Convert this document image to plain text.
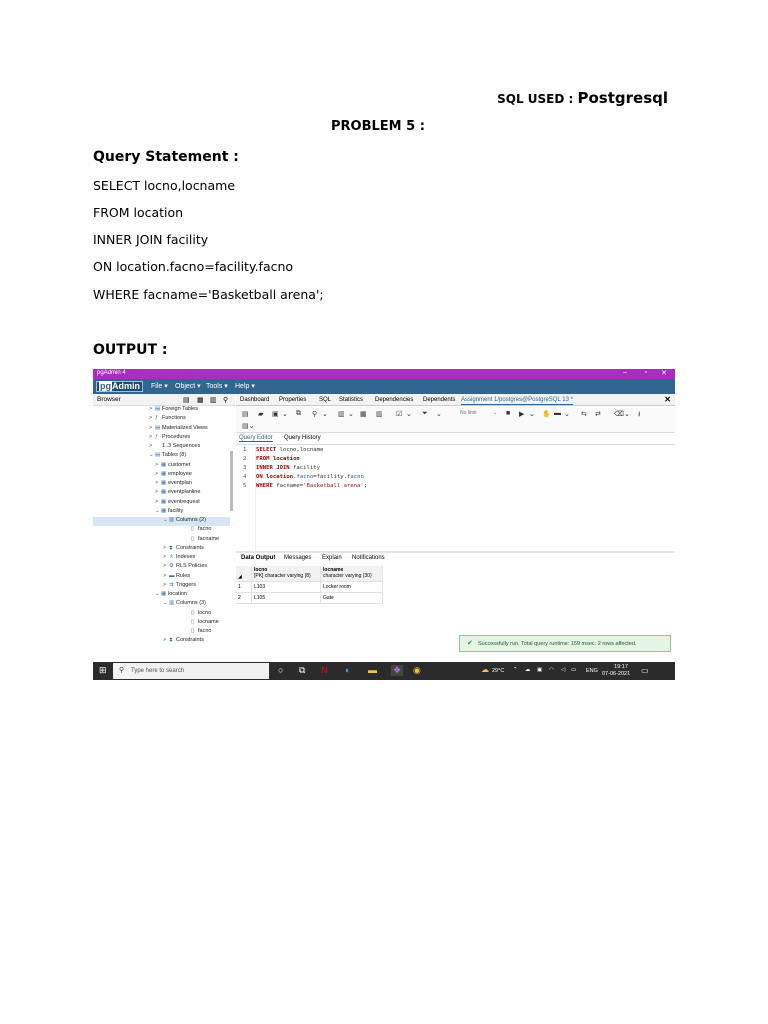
SQL USED : Postgresql
PROBLEM 5 :
Query Statement :
SELECT locno,locname
FROM location
INNER JOIN facility
ON location.facno=facility.facno
WHERE facname='Basketball arena';
OUTPUT :
pgAdmin 4	–	▫ ✕
pgAdmin	File ▾ Object ▾ Tools ▾ Help ▾
Browser	▤ ▦ ▥ ⚲
> ▤ Foreign Tables
> ƒ Functions
> ▤ Materialized Views
> ƒ Procedures
> 1..3 Sequences
⌄▤ Tables (8)
> ▦ customer
> ▦ employee
> ▦ eventplan
> ▦ eventplanline
> ▦ eventrequest
⌄▦ facility
⌄▥ Columns (2)
▯ facno
▯ facname
> ⧗ Constraints
> ♗ Indexes
> ⚙ RLS Policies
> ▬ Rules
> ⇉ Triggers
⌄▦ location
⌄▥ Columns (3)
▯ locno
▯ locname
▯ facno
> ⧗ Constraints
Dashboard Properties SQL Statistics Dependencies Dependents Assignment 1/postgres@PostgreSQL 13 *	✕
▤ ▰ ▣ ⌄ ⧉ ⚲ ⌄ ▥ ⌄ ▦ ▥ ☑ ⌄ ⏷ ⌄	No limit	⌄ ■ ▶ ⌄ ✋ ▬ ⌄ ⇆ ⇄ ⌫ ⌄ ⭳
▤⌄
Query Editor Query History
1
2
3
4
5
SELECT locno,locname
FROM location
INNER JOIN facility
ON location.facno=facility.facno
WHERE facname='Basketball arena';
Data Output Messages Explain Notifications
◢
locno
[PK] character varying (8)
locname
character varying (30)
1	L103	Locker room
2	L105	Gate
✔ Successfully run. Total query runtime: 159 msec. 2 rows affected.
⊞ ⚲ Type here to search	○ ⧉ N ◐ ▬ ❖ ◉	☁ 29°C ⌃ ☁ ▣ ◠ ◁ ▭ ENG
19:17
07-06-2021 ▭
